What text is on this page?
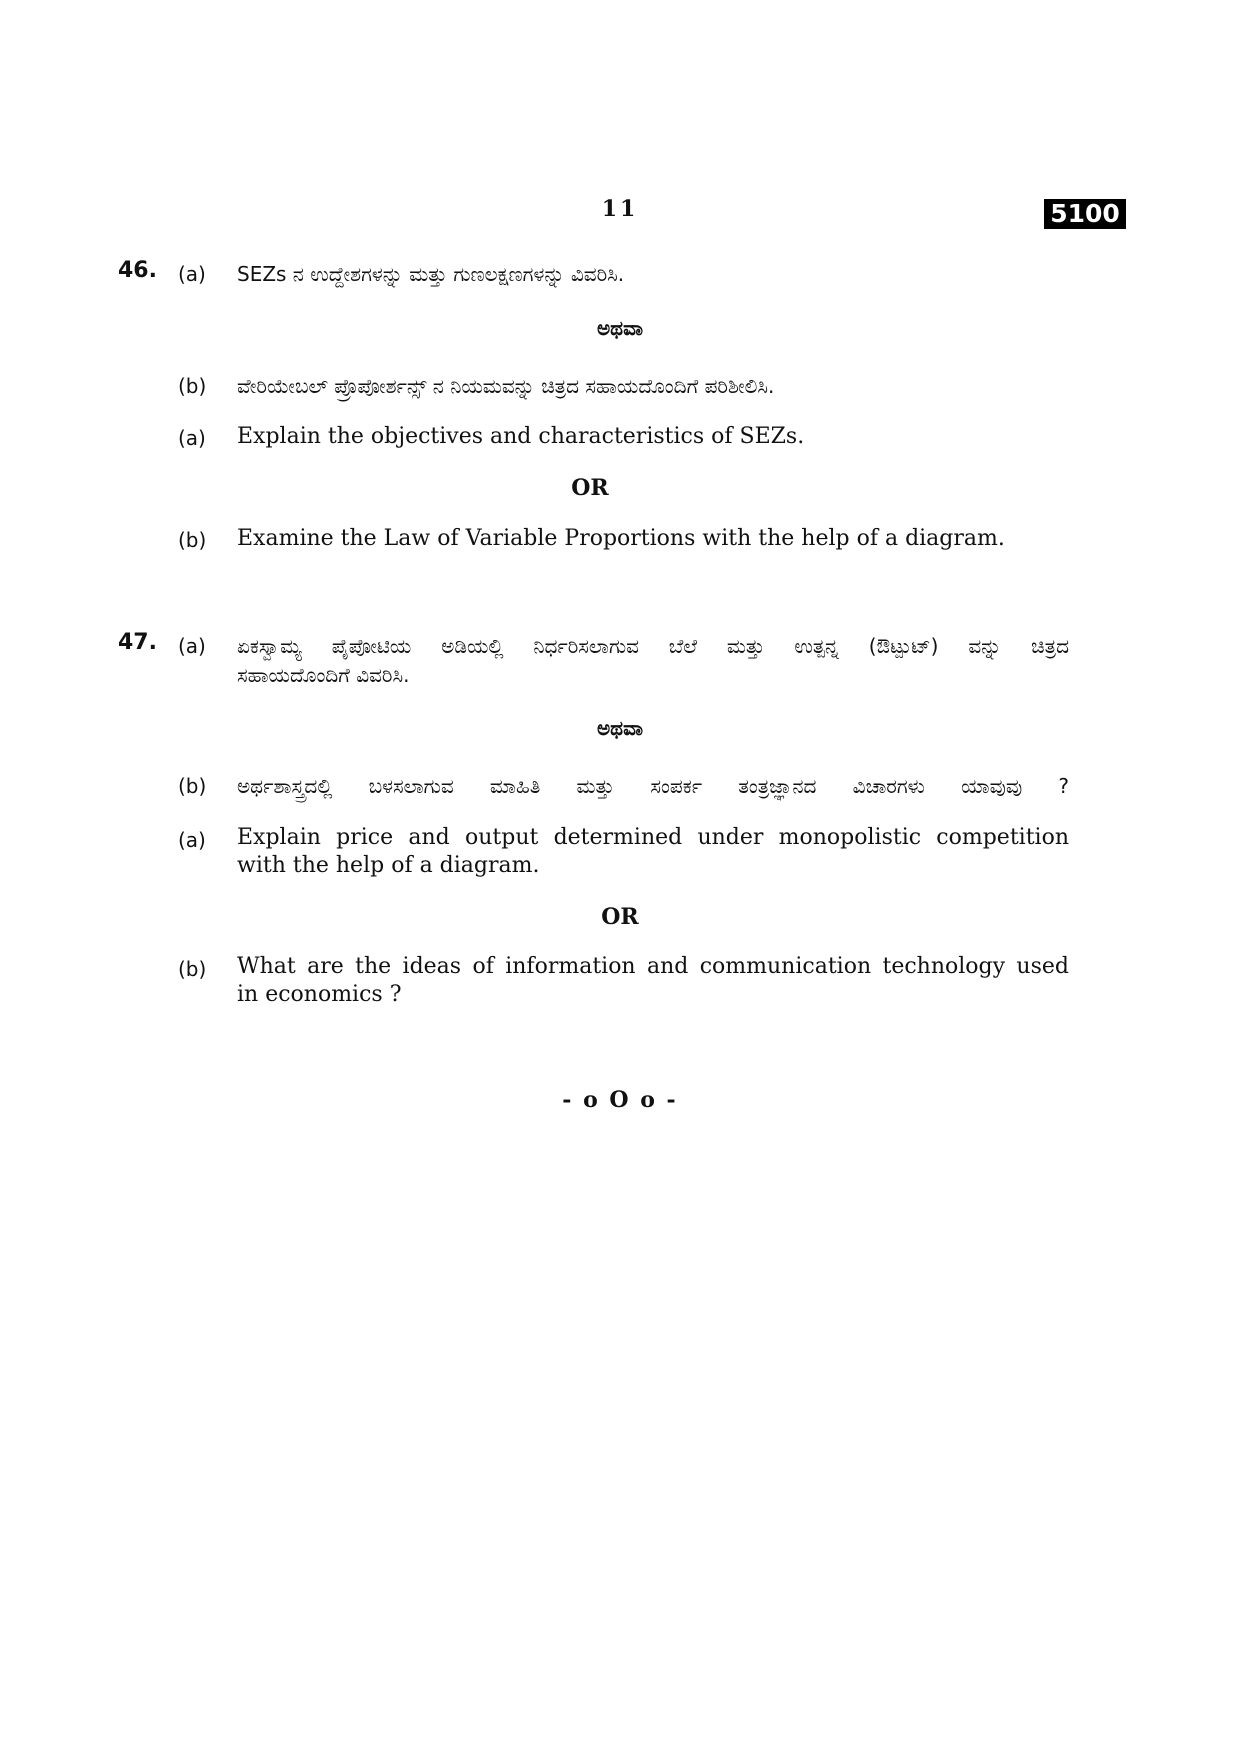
11	5100
46. (a) SEZs ನ ಉದ್ದೇಶಗಳನ್ನು ಮತ್ತು ಗುಣಲಕ್ಷಣಗಳನ್ನು ವಿವರಿಸಿ.
ಅಥವಾ
(b) ವೇರಿಯೇಬಲ್ ಪ್ರೊಪೋರ್ಶನ್ಸ್ ನ ನಿಯಮವನ್ನು ಚಿತ್ರದ ಸಹಾಯದೊಂದಿಗೆ ಪರಿಶೀಲಿಸಿ.
(a) Explain the objectives and characteristics of SEZs.
OR
(b) Examine the Law of Variable Proportions with the help of a diagram.
47. (a) ಏಕಸ್ವಾಮ್ಯ ಪೈಪೋಟಿಯ ಅಡಿಯಲ್ಲಿ ನಿರ್ಧರಿಸಲಾಗುವ ಬೆಲೆ ಮತ್ತು ಉತ್ಪನ್ನ (ಔಟ್ಪುಟ್) ವನ್ನು ಚಿತ್ರದ
ಸಹಾಯದೊಂದಿಗೆ ವಿವರಿಸಿ.
ಅಥವಾ
(b) ಅರ್ಥಶಾಸ್ತ್ರದಲ್ಲಿ ಬಳಸಲಾಗುವ ಮಾಹಿತಿ ಮತ್ತು ಸಂಪರ್ಕ ತಂತ್ರಜ್ಞಾನದ ವಿಚಾರಗಳು ಯಾವುವು ?
(a) Explain price and output determined under monopolistic competition
with the help of a diagram.
OR
(b) What are the ideas of information and communication technology used
in economics ?
- o O o -
